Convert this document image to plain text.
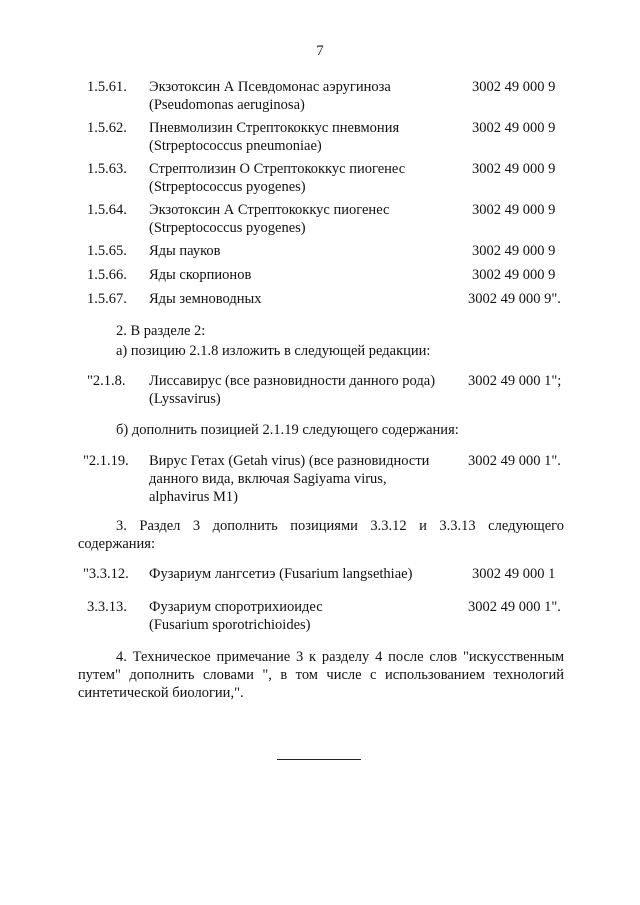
7
1.5.61. Экзотоксин А Псевдомонас аэругиноза
(Pseudomonas aeruginosa)
3002 49 000 9
1.5.62. Пневмолизин Стрептококкус пневмония
(Strpeptococcus pneumoniae)
3002 49 000 9
1.5.63. Стрептолизин О Стрептококкус пиогенес
(Strpeptococcus pyogenes)
3002 49 000 9
1.5.64. Экзотоксин А Стрептококкус пиогенес
(Strpeptococcus pyogenes)
3002 49 000 9
1.5.65. Яды пауков	3002 49 000 9
1.5.66. Яды скорпионов	3002 49 000 9
1.5.67. Яды земноводных	3002 49 000 9".
2. В разделе 2:
а) позицию 2.1.8 изложить в следующей редакции:
"2.1.8. Лиссавирус (все разновидности данного рода)
(Lyssavirus)
3002 49 000 1";
б) дополнить позицией 2.1.19 следующего содержания:
"2.1.19. Вирус Гетах (Getah virus) (все разновидности
данного вида, включая Sagiyama virus,
alphavirus M1)
3002 49 000 1".
3. Раздел 3 дополнить позициями 3.3.12 и 3.3.13 следующего
содержания:
"3.3.12. Фузариум лангсетиэ (Fusarium langsethiae)	3002 49 000 1
3.3.13. Фузариум споротрихиоидес
(Fusarium sporotrichioides)
3002 49 000 1".
4. Техническое примечание 3 к разделу 4 после слов "искусственным
путем" дополнить словами ", в том числе с использованием технологий
синтетической биологии,".
